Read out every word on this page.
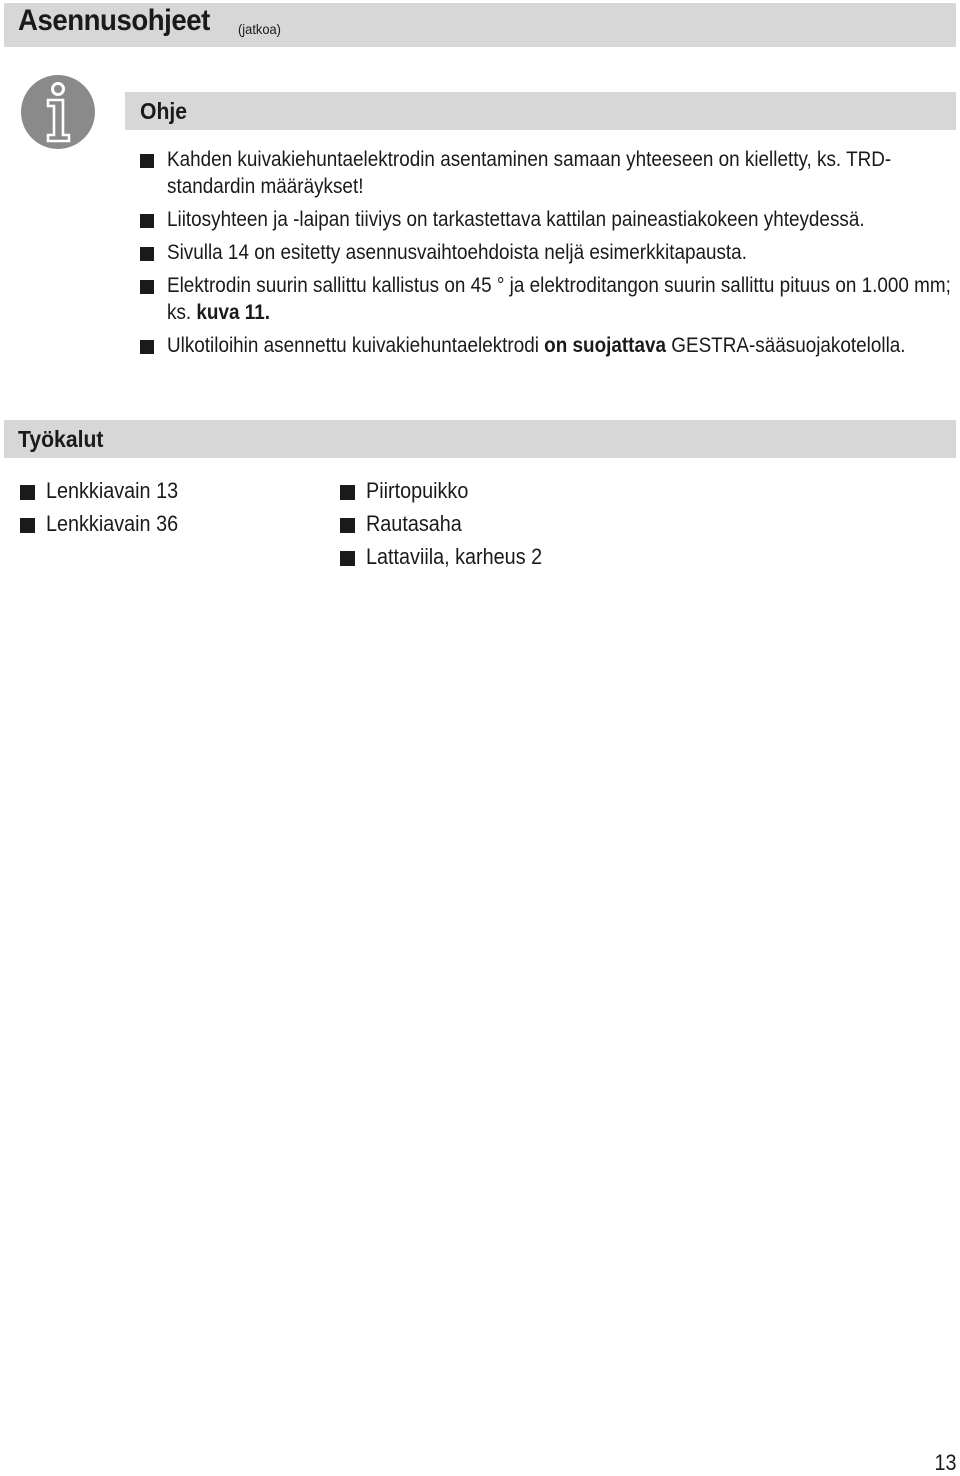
Asennusohjeet (jatkoa)
Ohje
Kahden kuivakiehuntaelektrodin asentaminen samaan yhteeseen on kielletty, ks. TRD-standardin määräykset!
Liitosyhteen ja -laipan tiiviys on tarkastettava kattilan paineastiakokeen yhteydessä.
Sivulla 14 on esitetty asennusvaihtoehdoista neljä esimerkkitapausta.
Elektrodin suurin sallittu kallistus on 45 ° ja elektroditangon suurin sallittu pituus on 1.000 mm; ks. kuva 11.
Ulkotiloihin asennettu kuivakiehuntaelektrodi on suojattava GESTRA-sääsuojakotelolla.
Työkalut
Lenkkiavain 13
Lenkkiavain 36
Piirtopuikko
Rautasaha
Lattaviila, karheus 2
13
